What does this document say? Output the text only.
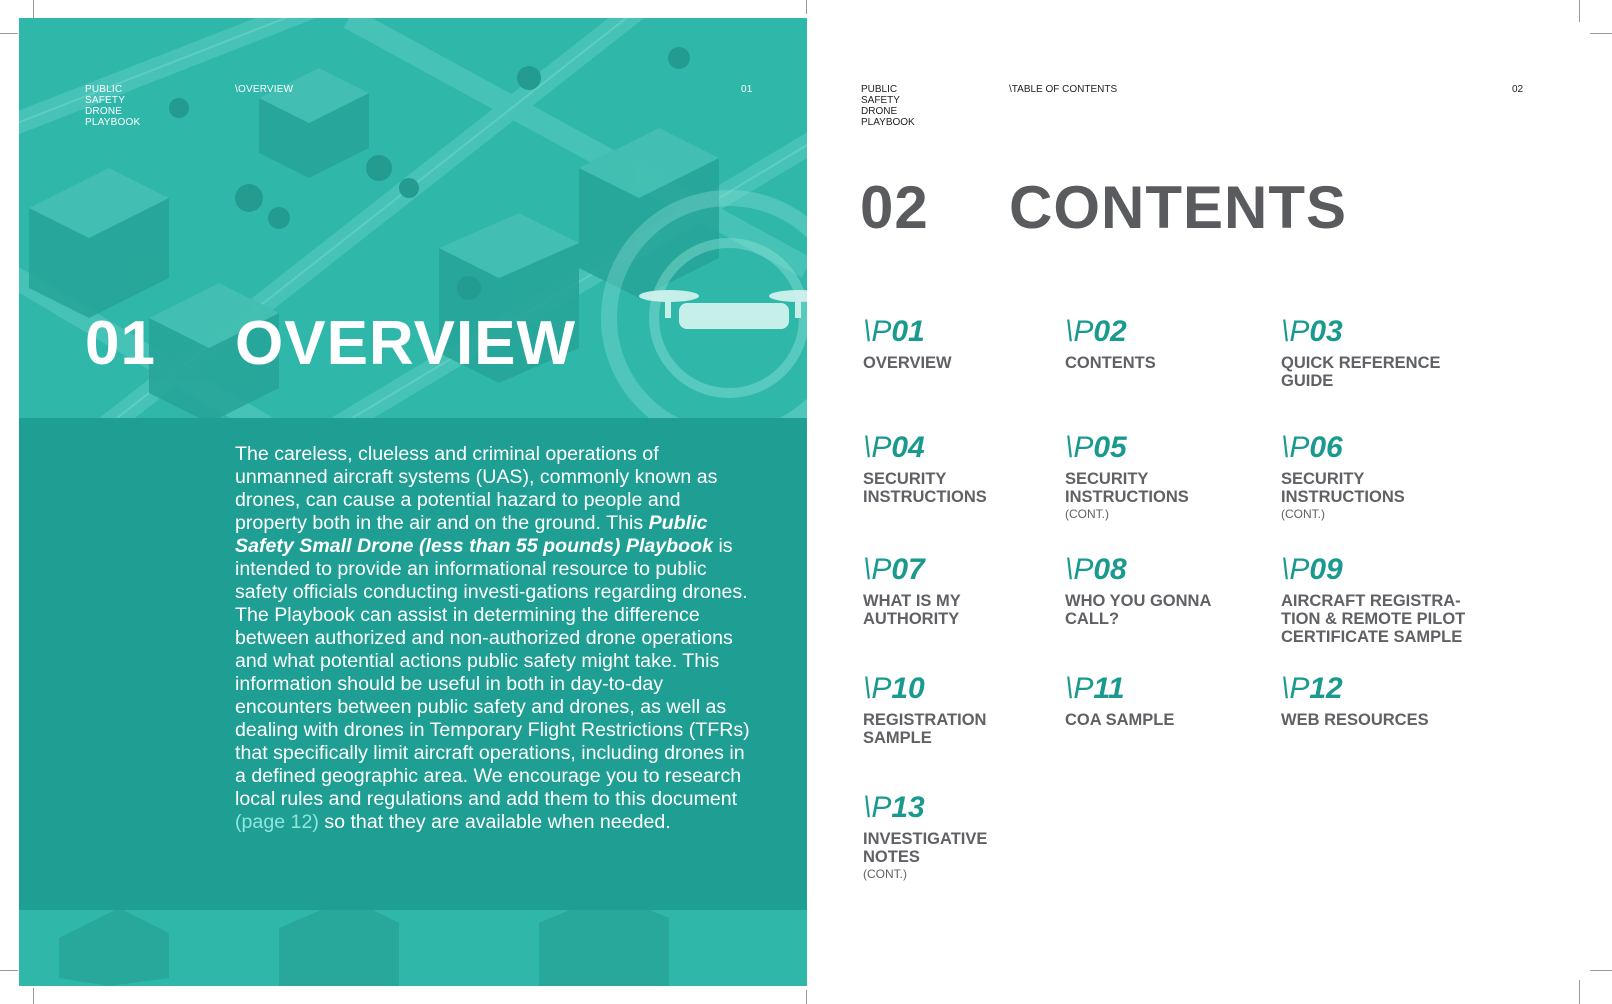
PUBLIC
SAFETY
DRONE
PLAYBOOK
\OVERVIEW	01
01 OVERVIEW
The careless, clueless and criminal operations of unmanned aircraft systems (UAS), commonly known as drones, can cause a potential hazard to people and property both in the air and on the ground. This Public Safety Small Drone (less than 55 pounds) Playbook is intended to provide an informational resource to public safety officials conducting investi-gations regarding drones. The Playbook can assist in determining the difference between authorized and non-authorized drone operations and what potential actions public safety might take. This information should be useful in both in day-to-day encounters between public safety and drones, as well as dealing with drones in Temporary Flight Restrictions (TFRs) that specifically limit aircraft operations, including drones in a defined geographic area. We encourage you to research local rules and regulations and add them to this document (page 12) so that they are available when needed.
PUBLIC
SAFETY
DRONE
PLAYBOOK
\TABLE OF CONTENTS	02
02 CONTENTS
\P01
OVERVIEW
\P02
CONTENTS
\P03
QUICK REFERENCE GUIDE
\P04
SECURITY INSTRUCTIONS
\P05
SECURITY INSTRUCTIONS
(CONT.)
\P06
SECURITY INSTRUCTIONS
(CONT.)
\P07
WHAT IS MY AUTHORITY
\P08
WHO YOU GONNA CALL?
\P09
AIRCRAFT REGISTRA-TION & REMOTE PILOT CERTIFICATE SAMPLE
\P10
REGISTRATION SAMPLE
\P11
COA SAMPLE
\P12
WEB RESOURCES
\P13
INVESTIGATIVE NOTES
(CONT.)
